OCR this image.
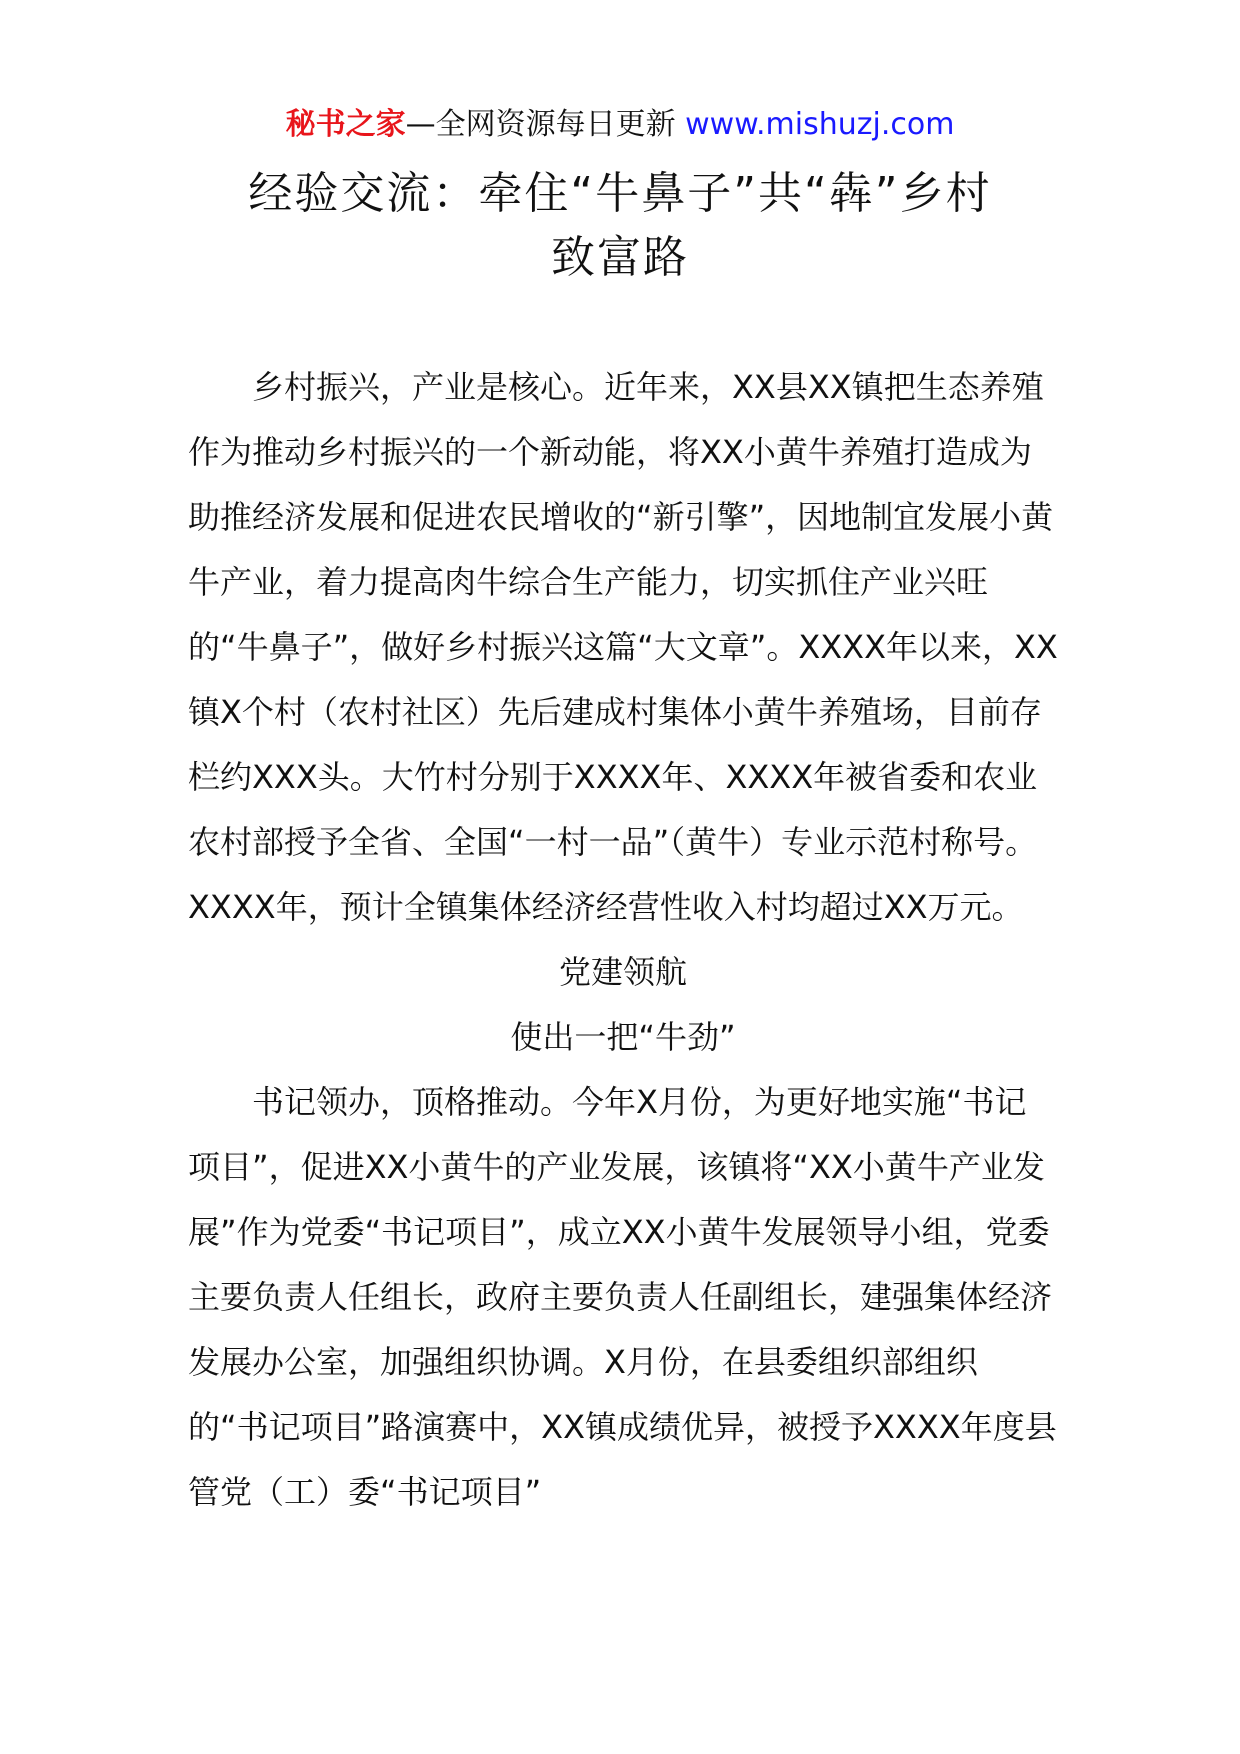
秘书之家—全网资源每日更新 www.mishuzj.com
经验交流：牵住“牛鼻子”共“犇”乡村
致富路

乡村振兴，产业是核心。近年来，XX县XX镇把生态养殖作为推动乡村振兴的一个新动能，将XX小黄牛养殖打造成为助推经济发展和促进农民增收的“新引擎”，因地制宜发展小黄牛产业，着力提高肉牛综合生产能力，切实抓住产业兴旺的“牛鼻子”，做好乡村振兴这篇“大文章”。XXXX年以来，XX镇X个村（农村社区）先后建成村集体小黄牛养殖场，目前存栏约XXX头。大竹村分别于XXXX年、XXXX年被省委和农业农村部授予全省、全国“一村一品”（黄牛）专业示范村称号。XXXX年，预计全镇集体经济经营性收入村均超过XX万元。

党建领航

使出一把“牛劲”

书记领办，顶格推动。今年X月份，为更好地实施“书记项目”，促进XX小黄牛的产业发展，该镇将“XX小黄牛产业发展”作为党委“书记项目”，成立XX小黄牛发展领导小组，党委主要负责人任组长，政府主要负责人任副组长，建强集体经济发展办公室，加强组织协调。X月份，在县委组织部组织的“书记项目”路演赛中，XX镇成绩优异，被授予XXXX年度县管党（工）委“书记项目”
